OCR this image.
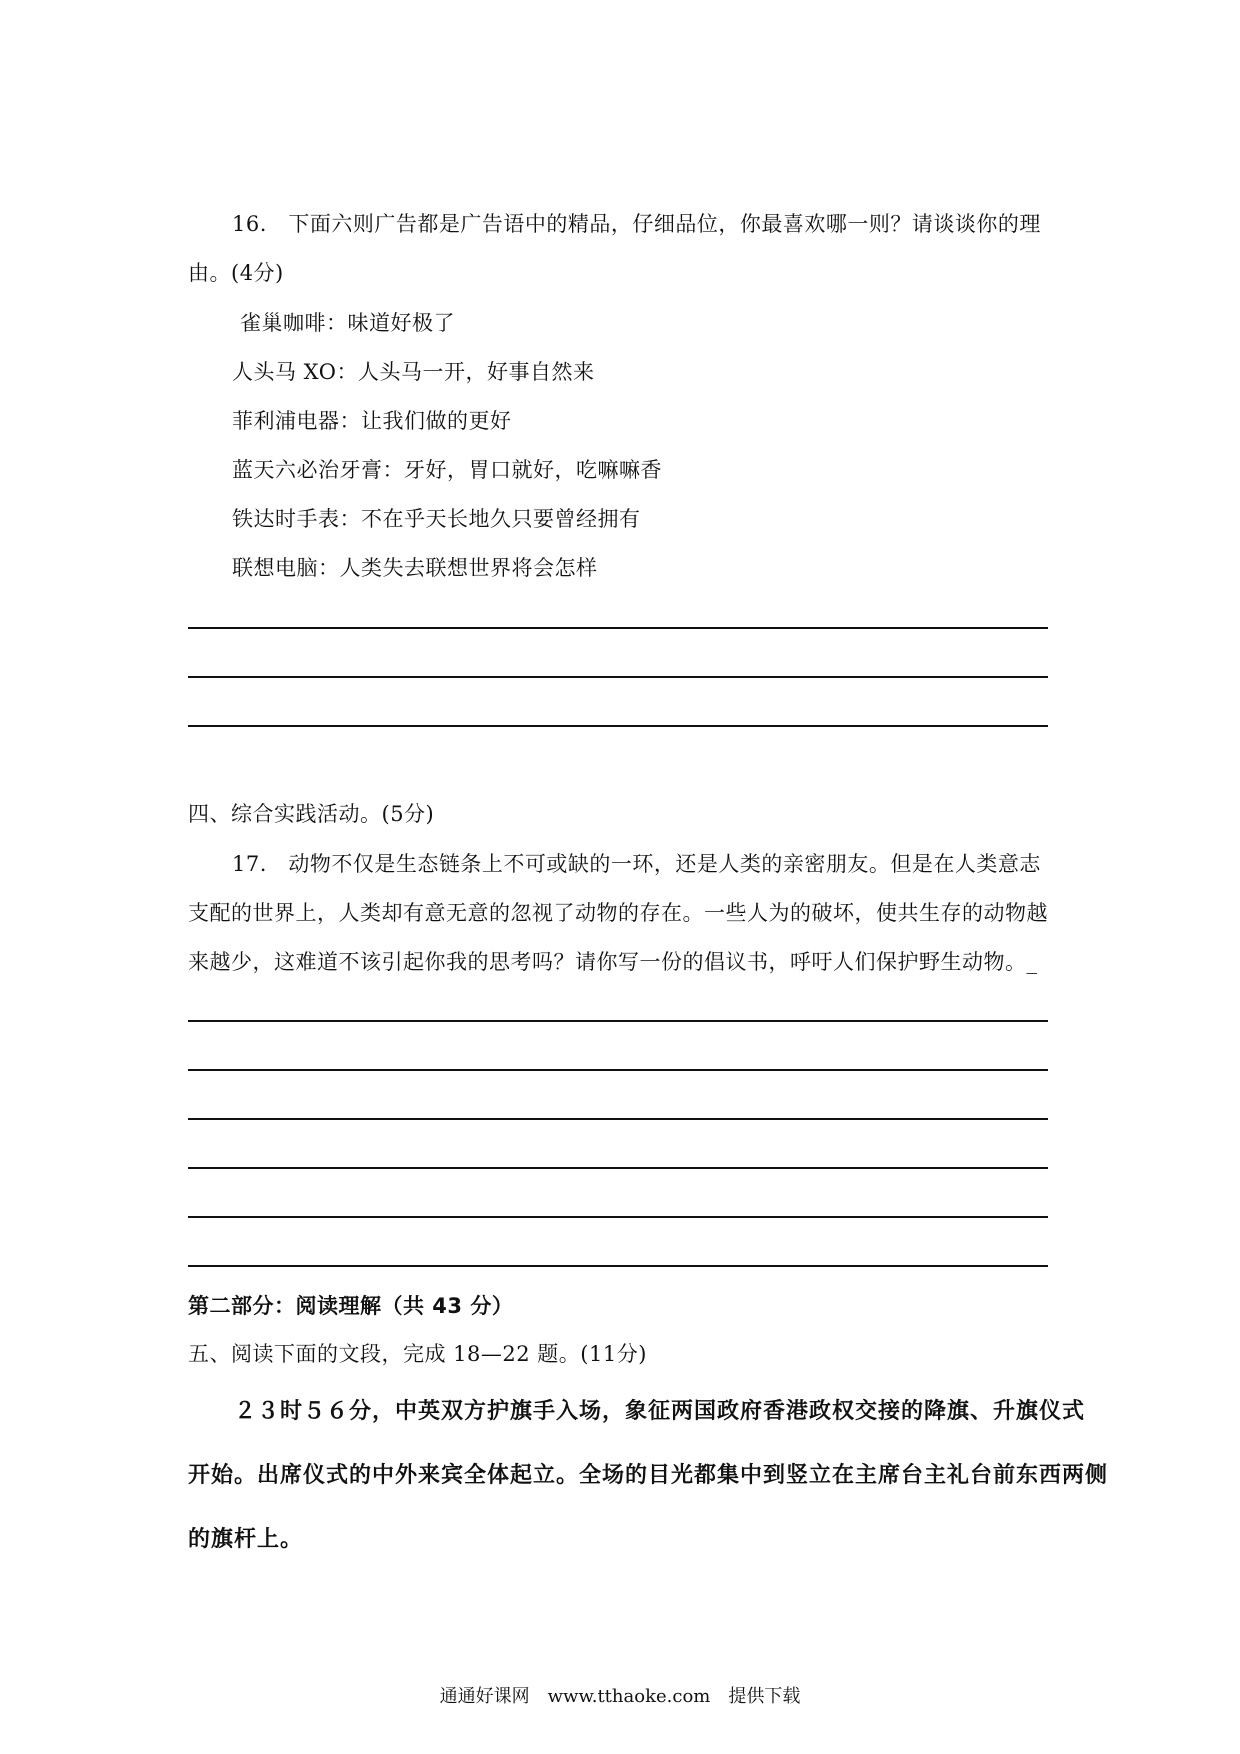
16.　下面六则广告都是广告语中的精品，仔细品位，你最喜欢哪一则？请谈谈你的理
由。(4分)
雀巢咖啡：味道好极了
人头马 XO：人头马一开，好事自然来
菲利浦电器：让我们做的更好
蓝天六必治牙膏：牙好，胃口就好，吃嘛嘛香
铁达时手表：不在乎天长地久只要曾经拥有
联想电脑：人类失去联想世界将会怎样
四、综合实践活动。(5分)
17.　动物不仅是生态链条上不可或缺的一环，还是人类的亲密朋友。但是在人类意志
支配的世界上，人类却有意无意的忽视了动物的存在。一些人为的破坏，使共生存的动物越
来越少，这难道不该引起你我的思考吗？请你写一份的倡议书，呼吁人们保护野生动物。_
第二部分：阅读理解（共 43 分）
五、阅读下面的文段，完成 18—22 题。(11分)
２３时５６分，中英双方护旗手入场，象征两国政府香港政权交接的降旗、升旗仪式
开始。出席仪式的中外来宾全体起立。全场的目光都集中到竖立在主席台主礼台前东西两侧
的旗杆上。
通通好课网　www.tthaoke.com　提供下载
